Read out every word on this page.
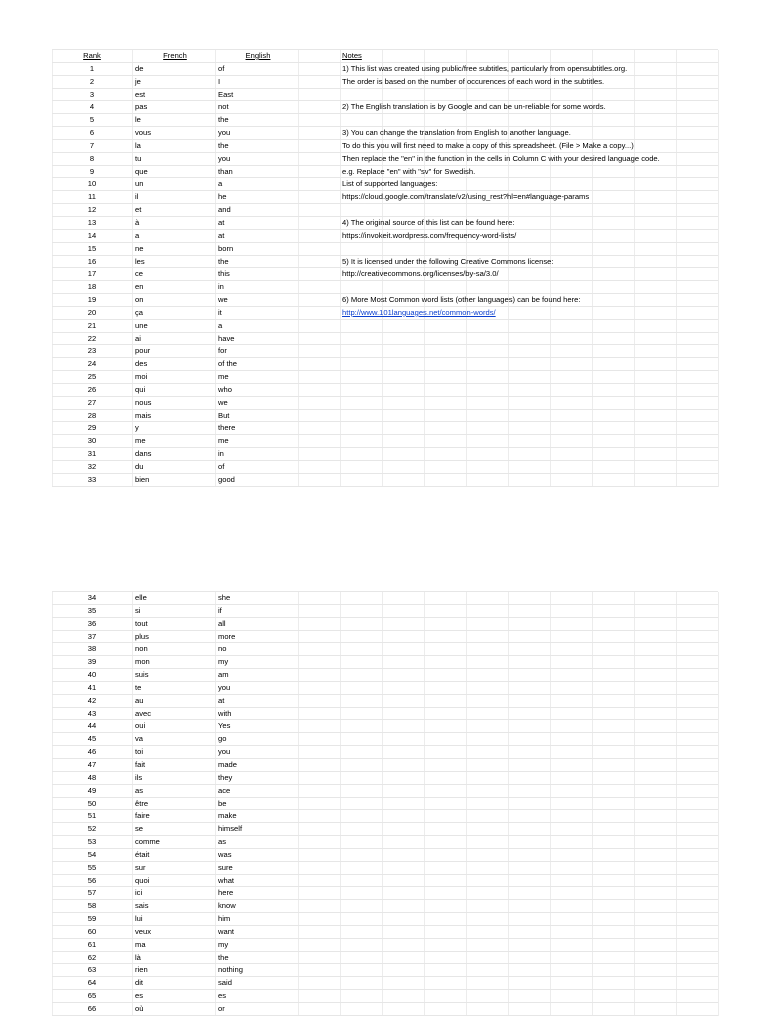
Rank	French	English	Notes
1	de	of	1) This list was created using public/free subtitles, particularly from opensubtitles.org.
2	je	I	The order is based on the number of occurences of each word in the subtitles.
3	est	East
4	pas	not	2) The English translation is by Google and can be un-reliable for some words.
5	le	the
6	vous	you	3) You can change the translation from English to another language.
7	la	the	To do this you will first need to make a copy of this spreadsheet. (File > Make a copy...)
8	tu	you	Then replace the "en" in the function in the cells in Column C with your desired language code.
9	que	than	e.g. Replace "en" with "sv" for Swedish.
10	un	a	List of supported languages:
11	il	he	https://cloud.google.com/translate/v2/using_rest?hl=en#language-params
12	et	and
13	à	at	4) The original source of this list can be found here:
14	a	at	https://invokeit.wordpress.com/frequency-word-lists/
15	ne	born
16	les	the	5) It is licensed under the following Creative Commons license:
17	ce	this	http://creativecommons.org/licenses/by-sa/3.0/
18	en	in
19	on	we	6) More Most Common word lists (other languages) can be found here:
20	ça	it	http://www.101languages.net/common-words/
21	une	a
22	ai	have
23	pour	for
24	des	of the
25	moi	me
26	qui	who
27	nous	we
28	mais	But
29	y	there
30	me	me
31	dans	in
32	du	of
33	bien	good
34	elle	she
35	si	if
36	tout	all
37	plus	more
38	non	no
39	mon	my
40	suis	am
41	te	you
42	au	at
43	avec	with
44	oui	Yes
45	va	go
46	toi	you
47	fait	made
48	ils	they
49	as	ace
50	être	be
51	faire	make
52	se	himself
53	comme	as
54	était	was
55	sur	sure
56	quoi	what
57	ici	here
58	sais	know
59	lui	him
60	veux	want
61	ma	my
62	là	the
63	rien	nothing
64	dit	said
65	es	es
66	où	or
